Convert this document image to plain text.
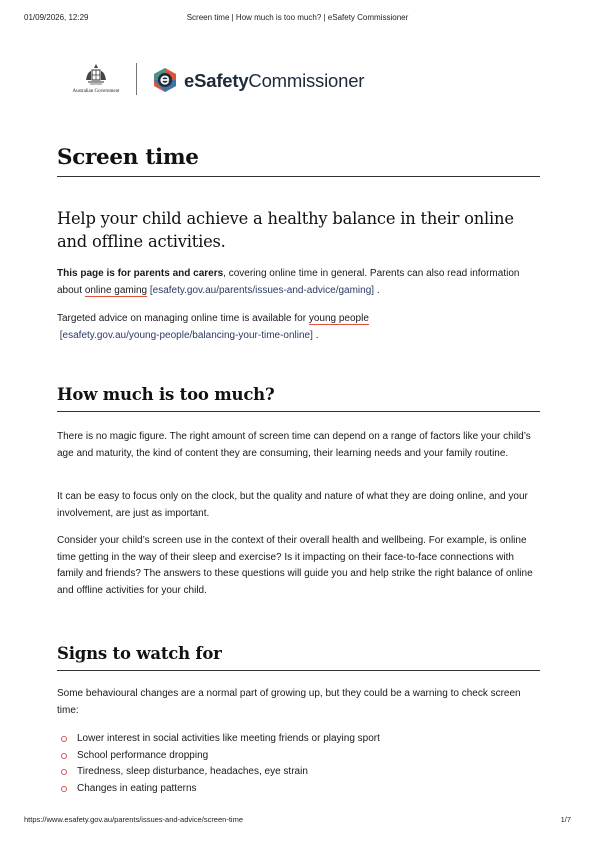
01/09/2026, 12:29	Screen time | How much is too much? | eSafety Commissioner
Australian Government
eSafetyCommissioner
Screen time

Help your child achieve a healthy balance in their online and offline activities.

This page is for parents and carers, covering online time in general. Parents can also read information about online gaming [esafety.gov.au/parents/issues-and-advice/gaming] .

Targeted advice on managing online time is available for young people
[esafety.gov.au/young-people/balancing-your-time-online] .

How much is too much?

There is no magic figure. The right amount of screen time can depend on a range of factors like your child’s age and maturity, the kind of content they are consuming, their learning needs and your family routine.

It can be easy to focus only on the clock, but the quality and nature of what they are doing online, and your involvement, are just as important.

Consider your child’s screen use in the context of their overall health and wellbeing. For example, is online time getting in the way of their sleep and exercise? Is it impacting on their face-to-face connections with family and friends? The answers to these questions will guide you and help strike the right balance of online and offline activities for your child.

Signs to watch for

Some behavioural changes are a normal part of growing up, but they could be a warning to check screen time:

Lower interest in social activities like meeting friends or playing sport
School performance dropping
Tiredness, sleep disturbance, headaches, eye strain
Changes in eating patterns
https://www.esafety.gov.au/parents/issues-and-advice/screen-time	1/7
